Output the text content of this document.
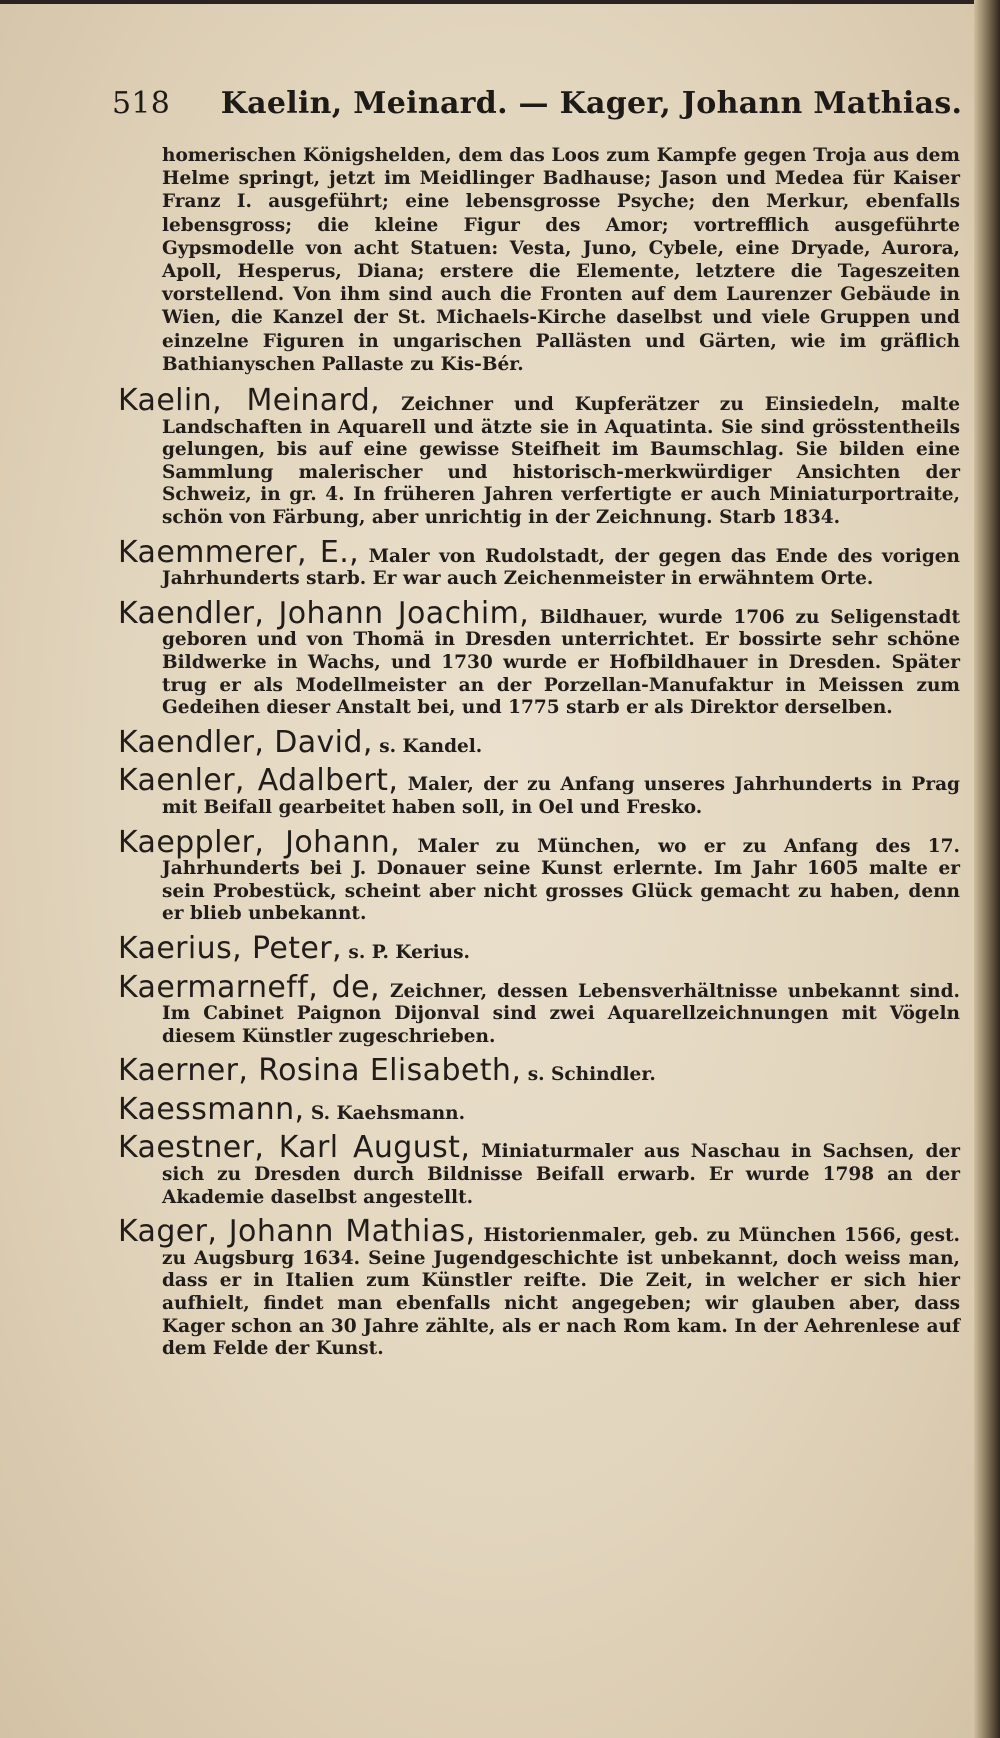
518 Kaelin, Meinard. — Kager, Johann Mathias.

homerischen Königshelden, dem das Loos zum Kampfe gegen Troja aus dem Helme springt, jetzt im Meidlinger Badhause; Jason und Medea für Kaiser Franz I. ausgeführt; eine lebensgrosse Psyche; den Merkur, ebenfalls lebensgross; die kleine Figur des Amor; vortrefflich ausgeführte Gypsmodelle von acht Statuen: Vesta, Juno, Cybele, eine Dryade, Aurora, Apoll, Hesperus, Diana; erstere die Elemente, letztere die Tageszeiten vorstellend. Von ihm sind auch die Fronten auf dem Laurenzer Gebäude in Wien, die Kanzel der St. Michaels-Kirche daselbst und viele Gruppen und einzelne Figuren in ungarischen Pallästen und Gärten, wie im gräflich Bathianyschen Pallaste zu Kis-Bér.

Kaelin, Meinard, Zeichner und Kupferätzer zu Einsiedeln, malte Landschaften in Aquarell und ätzte sie in Aquatinta. Sie sind grösstentheils gelungen, bis auf eine gewisse Steifheit im Baumschlag. Sie bilden eine Sammlung malerischer und historisch-merkwürdiger Ansichten der Schweiz, in gr. 4. In früheren Jahren verfertigte er auch Miniaturportraite, schön von Färbung, aber unrichtig in der Zeichnung. Starb 1834.

Kaemmerer, E., Maler von Rudolstadt, der gegen das Ende des vorigen Jahrhunderts starb. Er war auch Zeichenmeister in erwähntem Orte.

Kaendler, Johann Joachim, Bildhauer, wurde 1706 zu Seligenstadt geboren und von Thomä in Dresden unterrichtet. Er bossirte sehr schöne Bildwerke in Wachs, und 1730 wurde er Hofbildhauer in Dresden. Später trug er als Modellmeister an der Porzellan-Manufaktur in Meissen zum Gedeihen dieser Anstalt bei, und 1775 starb er als Direktor derselben.

Kaendler, David, s. Kandel.

Kaenler, Adalbert, Maler, der zu Anfang unseres Jahrhunderts in Prag mit Beifall gearbeitet haben soll, in Oel und Fresko.

Kaeppler, Johann, Maler zu München, wo er zu Anfang des 17. Jahrhunderts bei J. Donauer seine Kunst erlernte. Im Jahr 1605 malte er sein Probestück, scheint aber nicht grosses Glück gemacht zu haben, denn er blieb unbekannt.

Kaerius, Peter, s. P. Kerius.

Kaermarneff, de, Zeichner, dessen Lebensverhältnisse unbekannt sind. Im Cabinet Paignon Dijonval sind zwei Aquarellzeichnungen mit Vögeln diesem Künstler zugeschrieben.

Kaerner, Rosina Elisabeth, s. Schindler.

Kaessmann, S. Kaehsmann.

Kaestner, Karl August, Miniaturmaler aus Naschau in Sachsen, der sich zu Dresden durch Bildnisse Beifall erwarb. Er wurde 1798 an der Akademie daselbst angestellt.

Kager, Johann Mathias, Historienmaler, geb. zu München 1566, gest. zu Augsburg 1634. Seine Jugendgeschichte ist unbekannt, doch weiss man, dass er in Italien zum Künstler reifte. Die Zeit, in welcher er sich hier aufhielt, findet man ebenfalls nicht angegeben; wir glauben aber, dass Kager schon an 30 Jahre zählte, als er nach Rom kam. In der Aehrenlese auf dem Felde der Kunst.
